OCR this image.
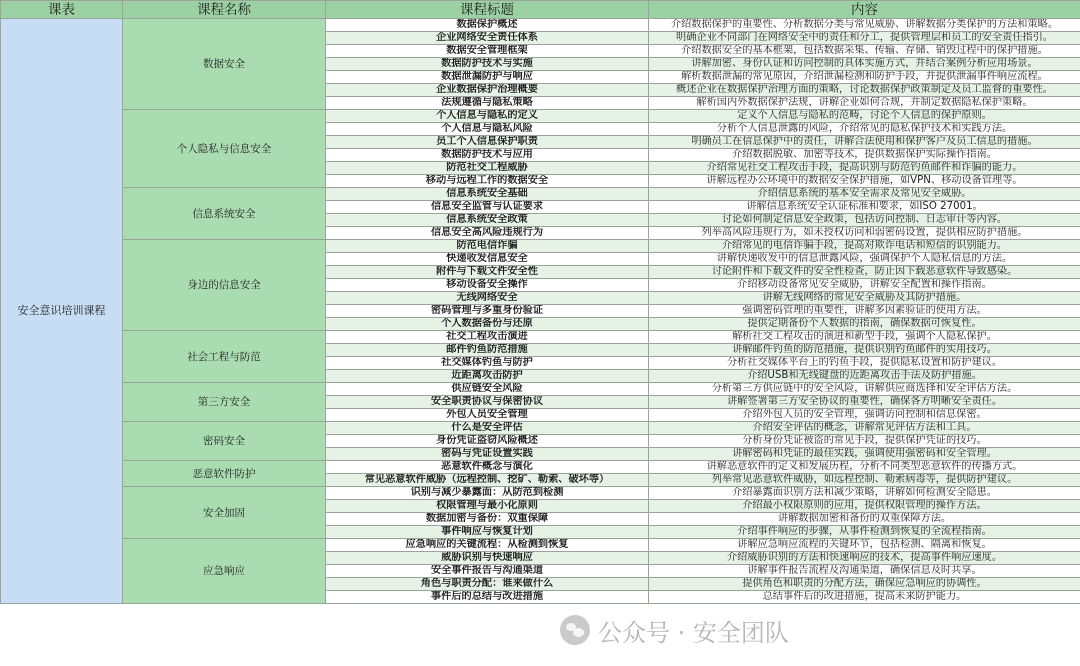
课表	课程名称	课程标题	内容
安全意识培训课程	数据安全	数据保护概述	介绍数据保护的重要性、分析数据分类与常见威胁、讲解数据分类保护的方法和策略。
		企业网络安全责任体系	明确企业不同部门在网络安全中的责任和分工，提供管理层和员工的安全责任指引。
		数据安全管理框架	介绍数据安全的基本框架，包括数据采集、传输、存储、销毁过程中的保护措施。
		数据防护技术与实施	讲解加密、身份认证和访问控制的具体实施方式，并结合案例分析应用场景。
		数据泄漏防护与响应	解析数据泄漏的常见原因，介绍泄漏检测和防护手段，并提供泄漏事件响应流程。
		企业数据保护治理概要	概述企业在数据保护治理方面的策略，讨论数据保护政策制定及员工监督的重要性。
		法规遵循与隐私策略	解析国内外数据保护法规，讲解企业如何合规，并制定数据隐私保护策略。
	个人隐私与信息安全	个人信息与隐私的定义	定义个人信息与隐私的范畴，讨论个人信息的保护原则。
		个人信息与隐私风险	分析个人信息泄露的风险，介绍常见的隐私保护技术和实践方法。
		员工个人信息保护职责	明确员工在信息保护中的责任，讲解合法使用和保护客户及员工信息的措施。
		数据防护技术与应用	介绍数据脱敏、加密等技术，提供数据保护实际操作指南。
		防范社交工程威胁	介绍常见社交工程攻击手段，提高识别与防范钓鱼邮件和诈骗的能力。
		移动与远程工作的数据安全	讲解远程办公环境中的数据安全保护措施，如VPN、移动设备管理等。
	信息系统安全	信息系统安全基础	介绍信息系统的基本安全需求及常见安全威胁。
		信息安全监管与认证要求	讲解信息系统安全认证标准和要求，如ISO 27001。
		信息系统安全政策	讨论如何制定信息安全政策，包括访问控制、日志审计等内容。
		信息安全高风险违规行为	列举高风险违规行为，如未授权访问和弱密码设置，提供相应防护措施。
	身边的信息安全	防范电信诈骗	介绍常见的电信诈骗手段，提高对欺诈电话和短信的识别能力。
		快递收发信息安全	讲解快递收发中的信息泄露风险，强调保护个人隐私信息的方法。
		附件与下载文件安全性	讨论附件和下载文件的安全性检查，防止因下载恶意软件导致感染。
		移动设备安全操作	介绍移动设备常见安全威胁，讲解安全配置和操作指南。
		无线网络安全	讲解无线网络的常见安全威胁及其防护措施。
		密码管理与多重身份验证	强调密码管理的重要性，讲解多因素验证的使用方法。
		个人数据备份与还原	提供定期备份个人数据的指南，确保数据可恢复性。
	社会工程与防范	社交工程攻击演进	解析社交工程攻击的演进和新型手段，强调个人隐私保护。
		邮件钓鱼防范措施	讲解邮件钓鱼的防范措施，提供识别钓鱼邮件的实用技巧。
		社交媒体钓鱼与防护	分析社交媒体平台上的钓鱼手段，提供隐私设置和防护建议。
		近距离攻击防护	介绍USB和无线键盘的近距离攻击手法及防护措施。
	第三方安全	供应链安全风险	分析第三方供应链中的安全风险，讲解供应商选择和安全评估方法。
		安全职责协议与保密协议	讲解签署第三方安全协议的重要性，确保各方明晰安全责任。
		外包人员安全管理	介绍外包人员的安全管理，强调访问控制和信息保密。
	密码安全	什么是安全评估	介绍安全评估的概念，讲解常见评估方法和工具。
		身份凭证盗窃风险概述	分析身份凭证被盗的常见手段，提供保护凭证的技巧。
		密码与凭证设置实践	讲解密码和凭证的最佳实践，强调使用强密码和安全管理。
	恶意软件防护	恶意软件概念与演化	讲解恶意软件的定义和发展历程，分析不同类型恶意软件的传播方式。
		常见恶意软件威胁（远程控制、挖矿、勒索、破坏等）	列举常见恶意软件威胁，如远程控制、勒索病毒等，提供防护建议。
	安全加固	识别与减少暴露面：从防范到检测	介绍暴露面识别方法和减少策略，讲解如何检测安全隐患。
		权限管理与最小化原则	介绍最小权限原则的应用，提供权限管理的操作方法。
		数据加密与备份：双重保障	讲解数据加密和备份的双重保障方法。
		事件响应与恢复计划	介绍事件响应的步骤，从事件检测到恢复的全流程指南。
	应急响应	应急响应的关键流程：从检测到恢复	讲解应急响应流程的关键环节，包括检测、隔离和恢复。
		威胁识别与快速响应	介绍威胁识别的方法和快速响应的技术，提高事件响应速度。
		安全事件报告与沟通渠道	讲解事件报告流程及沟通渠道，确保信息及时共享。
		角色与职责分配：谁来做什么	提供角色和职责的分配方法，确保应急响应的协调性。
		事件后的总结与改进措施	总结事件后的改进措施，提高未来防护能力。
公众号 · 安全团队
